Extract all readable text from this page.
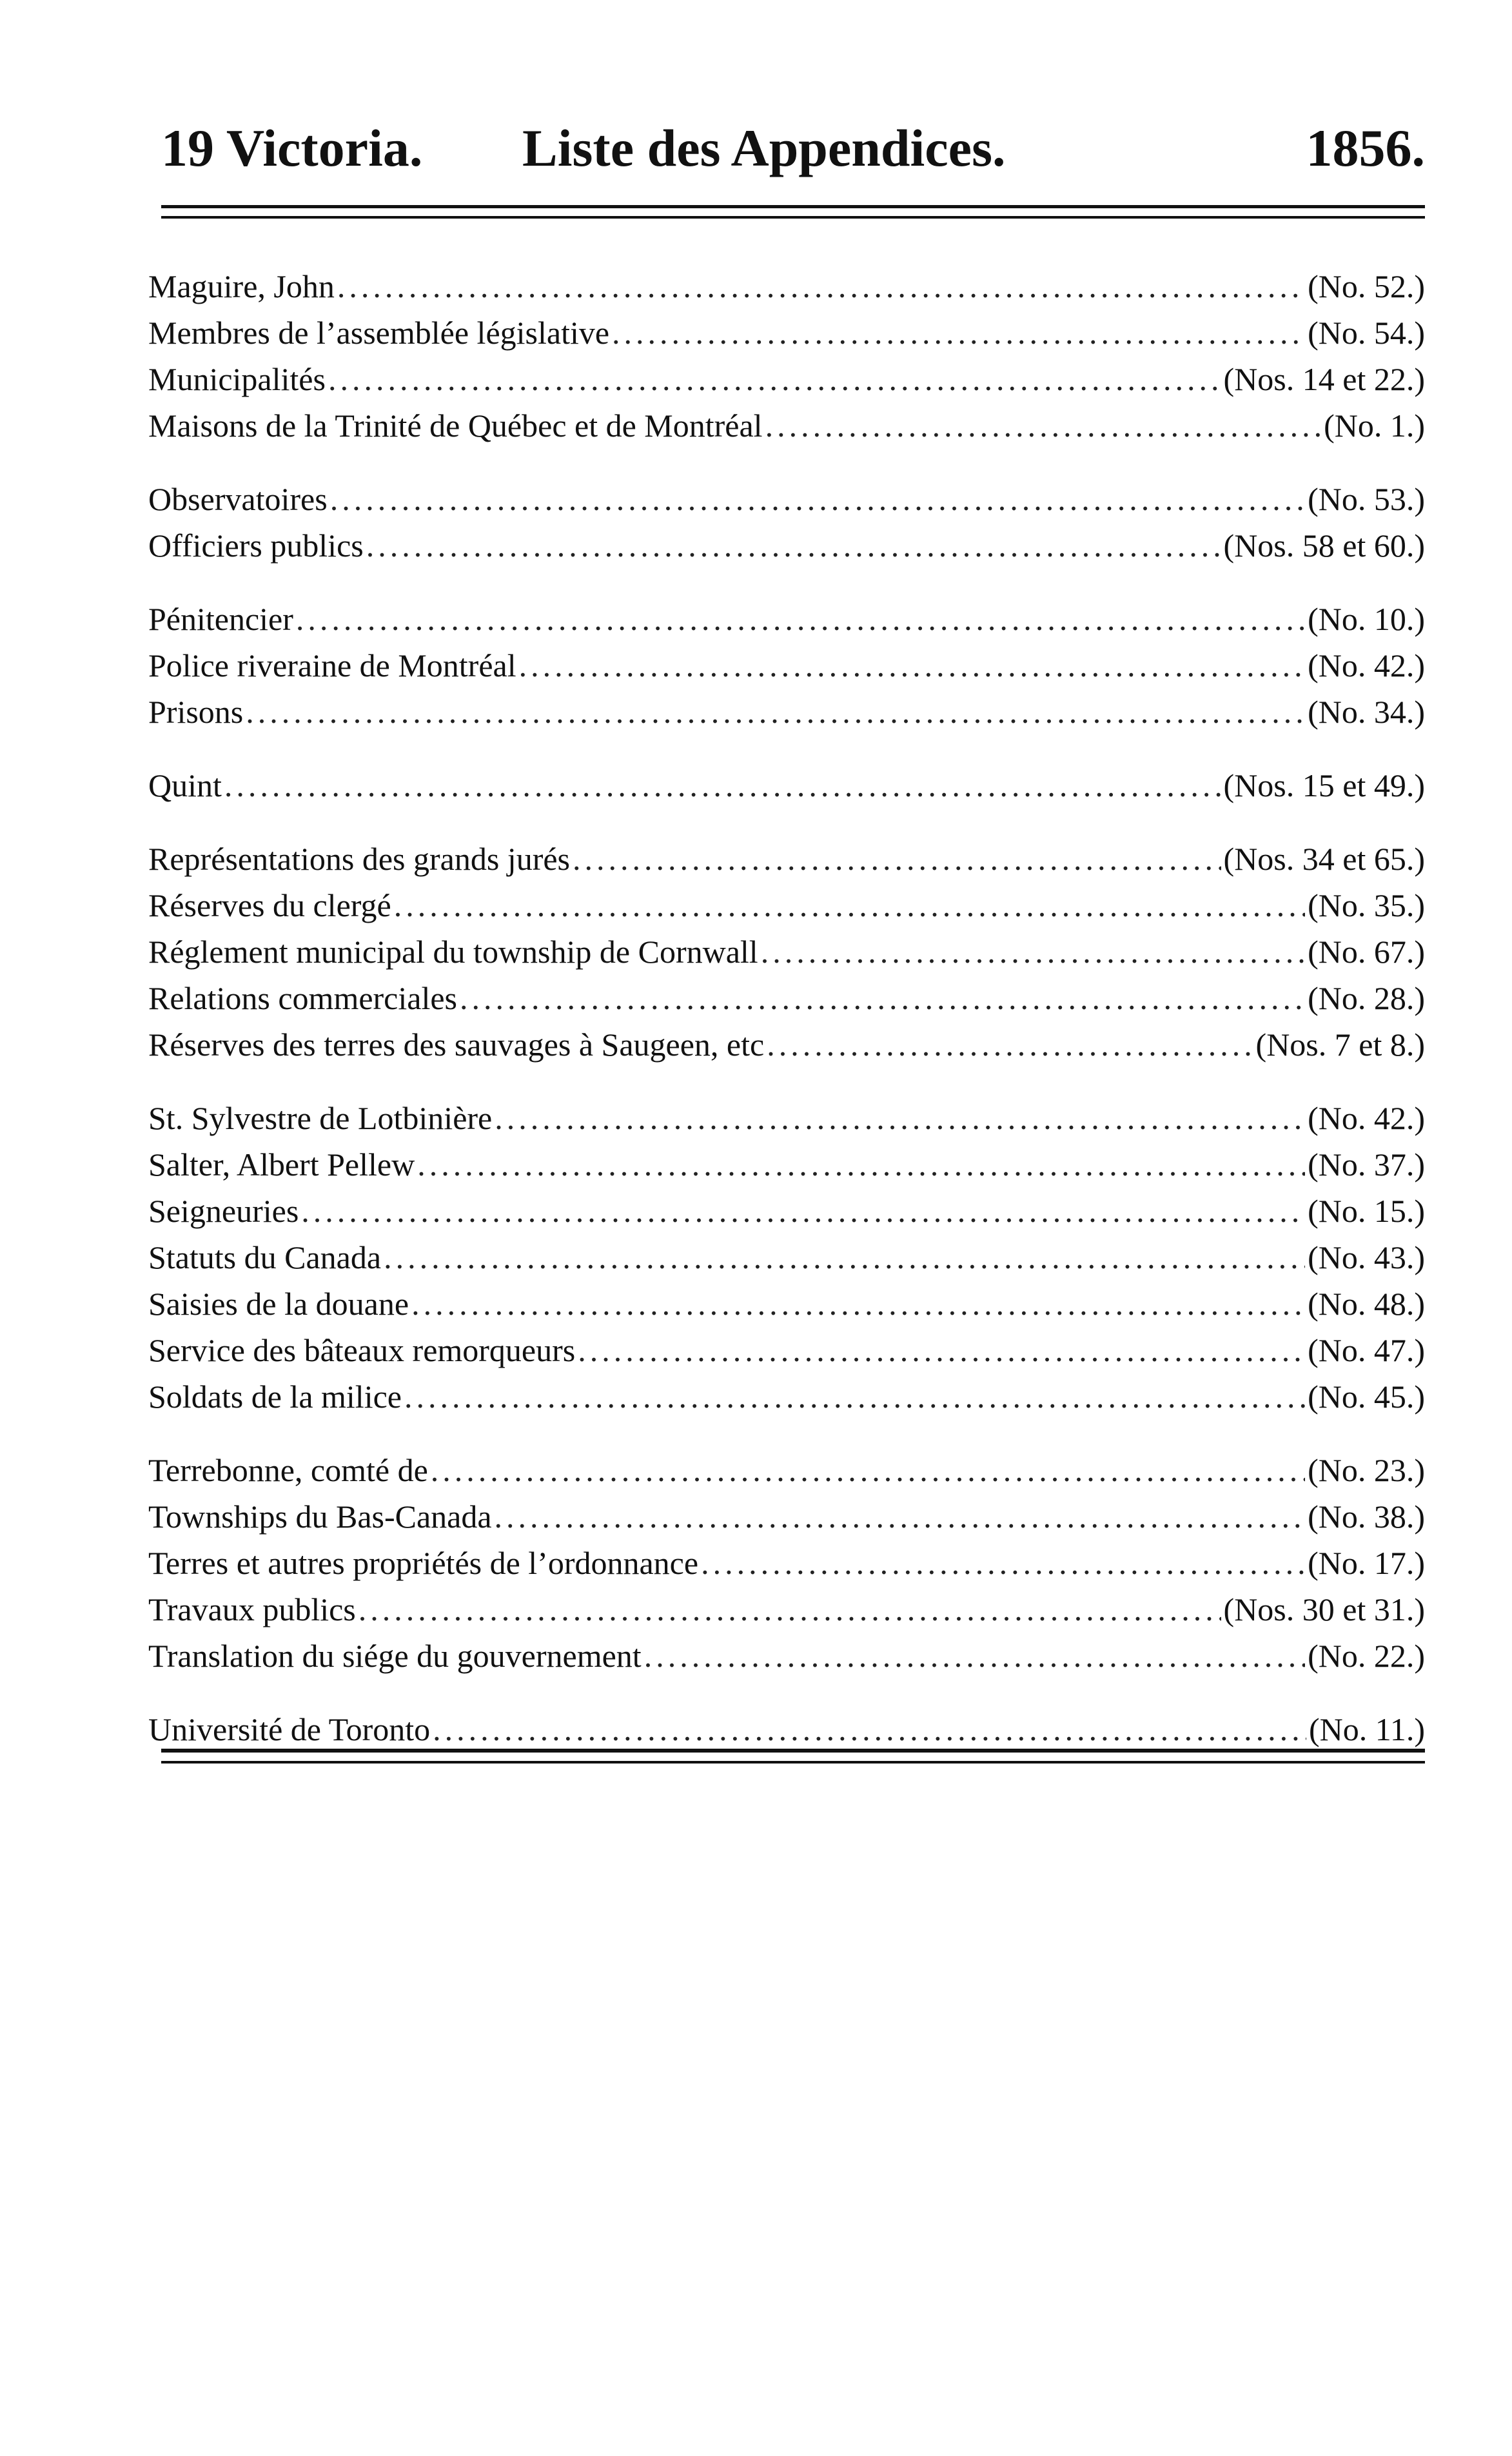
19 Victoria. Liste des Appendices.	1856.
Maguire, John .....	(No. 52.)
Membres de l’assemblée législative .....	(No. 54.)
Municipalités .....	(Nos. 14 et 22.)
Maisons de la Trinité de Québec et de Montréal .....	(No. 1.)
Observatoires .....	(No. 53.)
Officiers publics .....	(Nos. 58 et 60.)
Pénitencier .....	(No. 10.)
Police riveraine de Montréal .....	(No. 42.)
Prisons .....	(No. 34.)
Quint .....	(Nos. 15 et 49.)
Représentations des grands jurés .....	(Nos. 34 et 65.)
Réserves du clergé .....	(No. 35.)
Réglement municipal du township de Cornwall .....	(No. 67.)
Relations commerciales .....	(No. 28.)
Réserves des terres des sauvages à Saugeen, etc .....	(Nos. 7 et 8.)
St. Sylvestre de Lotbinière .....	(No. 42.)
Salter, Albert Pellew .....	(No. 37.)
Seigneuries .....	(No. 15.)
Statuts du Canada .....	(No. 43.)
Saisies de la douane .....	(No. 48.)
Service des bâteaux remorqueurs .....	(No. 47.)
Soldats de la milice .....	(No. 45.)
Terrebonne, comté de .....	(No. 23.)
Townships du Bas-Canada .....	(No. 38.)
Terres et autres propriétés de l’ordonnance .....	(No. 17.)
Travaux publics .....	(Nos. 30 et 31.)
Translation du siége du gouvernement .....	(No. 22.)
Université de Toronto .....	(No. 11.)
